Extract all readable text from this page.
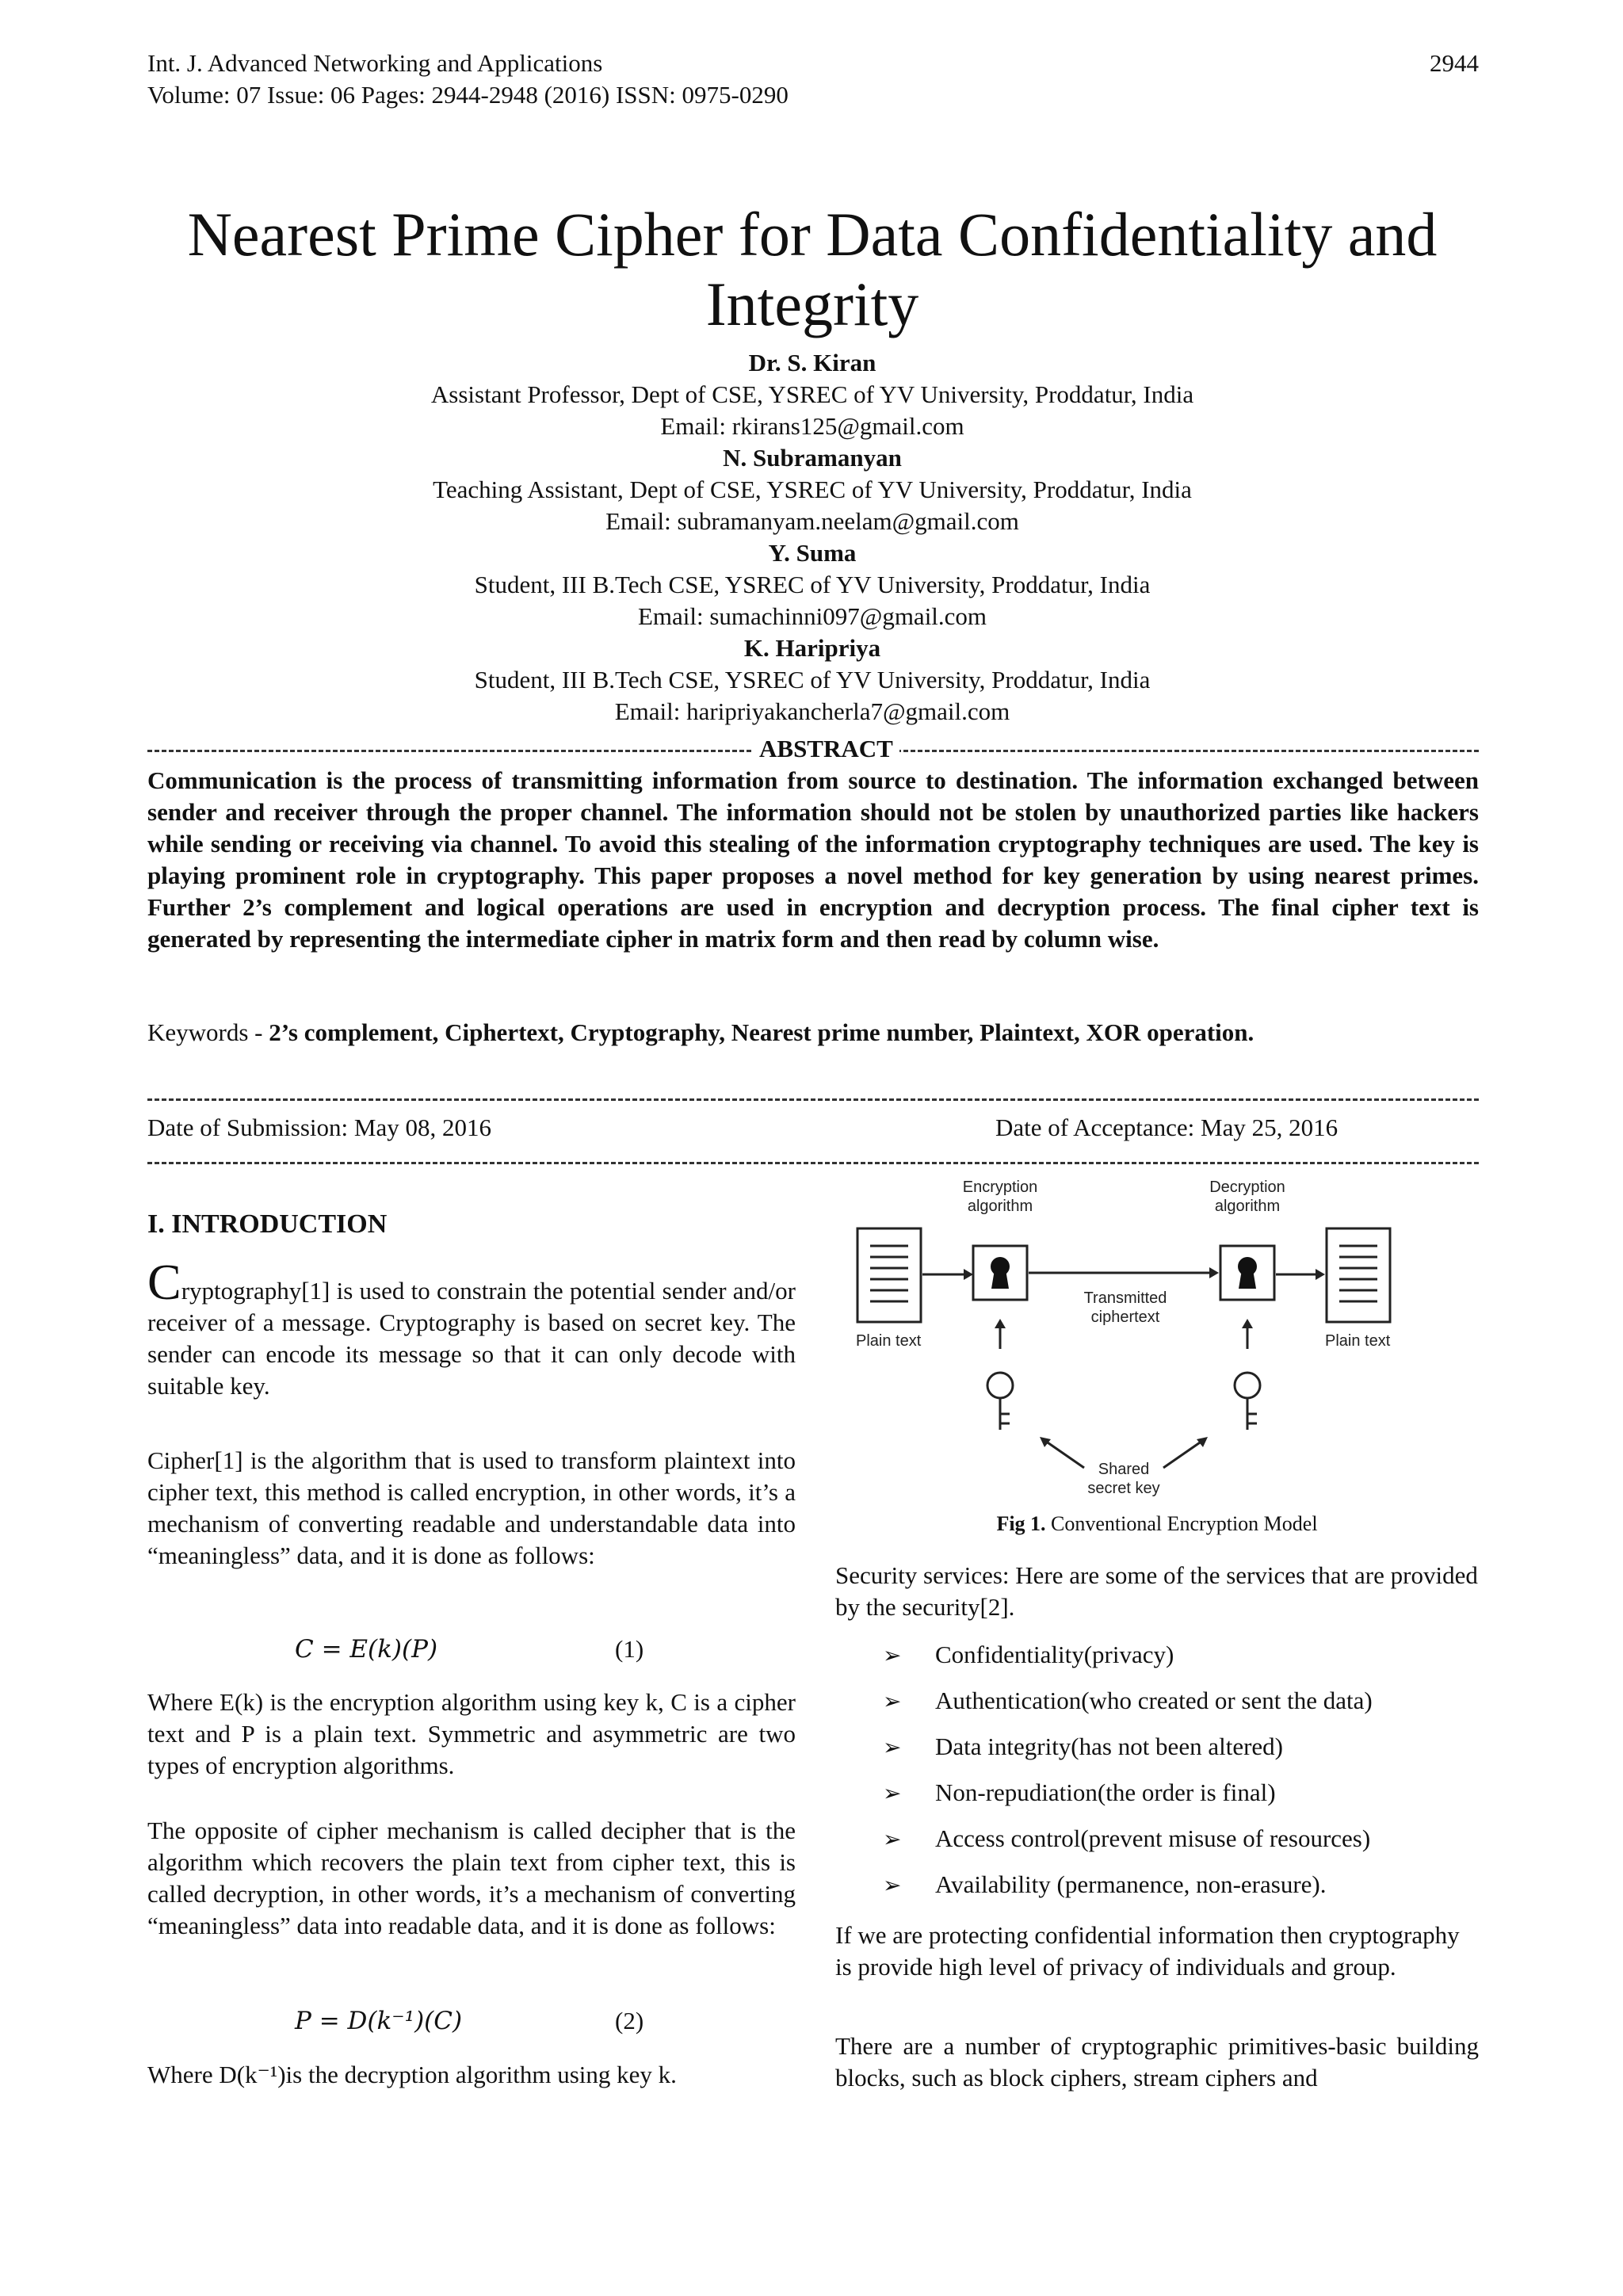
Int. J. Advanced Networking and Applications
Volume: 07 Issue: 06 Pages: 2944-2948 (2016) ISSN: 0975-0290
2944
Nearest Prime Cipher for Data Confidentiality and Integrity
Dr. S. Kiran
Assistant Professor, Dept of CSE, YSREC of YV University, Proddatur, India
Email: rkirans125@gmail.com
N. Subramanyan
Teaching Assistant, Dept of CSE, YSREC of YV University, Proddatur, India
Email: subramanyam.neelam@gmail.com
Y. Suma
Student, III B.Tech CSE, YSREC of YV University, Proddatur, India
Email: sumachinni097@gmail.com
K. Haripriya
Student, III B.Tech CSE, YSREC of YV University, Proddatur, India
Email: haripriyakancherla7@gmail.com
ABSTRACT
Communication is the process of transmitting information from source to destination. The information exchanged between sender and receiver through the proper channel. The information should not be stolen by unauthorized parties like hackers while sending or receiving via channel. To avoid this stealing of the information cryptography techniques are used. The key is playing prominent role in cryptography. This paper proposes a novel method for key generation by using nearest primes. Further 2’s complement and logical operations are used in encryption and decryption process. The final cipher text is generated by representing the intermediate cipher in matrix form and then read by column wise.
Keywords - 2’s complement, Ciphertext, Cryptography, Nearest prime number, Plaintext, XOR operation.
Date of Submission: May 08, 2016	Date of Acceptance: May 25, 2016
I. INTRODUCTION
Cryptography[1] is used to constrain the potential sender and/or receiver of a message. Cryptography is based on secret key. The sender can encode its message so that it can only decode with suitable key.
Cipher[1] is the algorithm that is used to transform plaintext into cipher text, this method is called encryption, in other words, it’s a mechanism of converting readable and understandable data into “meaningless” data, and it is done as follows:
C = E(k)(P)	(1)
Where E(k) is the encryption algorithm using key k, C is a cipher text and P is a plain text. Symmetric and asymmetric are two types of encryption algorithms.
The opposite of cipher mechanism is called decipher that is the algorithm which recovers the plain text from cipher text, this is called decryption, in other words, it’s a mechanism of converting “meaningless” data into readable data, and it is done as follows:
P = D(k⁻¹)(C)	(2)
Where D(k⁻¹)is the decryption algorithm using key k.
Plain text
Encryption
algorithm
Transmitted
ciphertext
Decryption
algorithm
Plain text
Shared
secret key
Fig 1. Conventional Encryption Model
Security services: Here are some of the services that are provided by the security[2].
➢ Confidentiality(privacy)
➢ Authentication(who created or sent the data)
➢ Data integrity(has not been altered)
➢ Non-repudiation(the order is final)
➢ Access control(prevent misuse of resources)
➢ Availability (permanence, non-erasure).
If we are protecting confidential information then cryptography is provide high level of privacy of individuals and group.
There are a number of cryptographic primitives-basic building blocks, such as block ciphers, stream ciphers and
